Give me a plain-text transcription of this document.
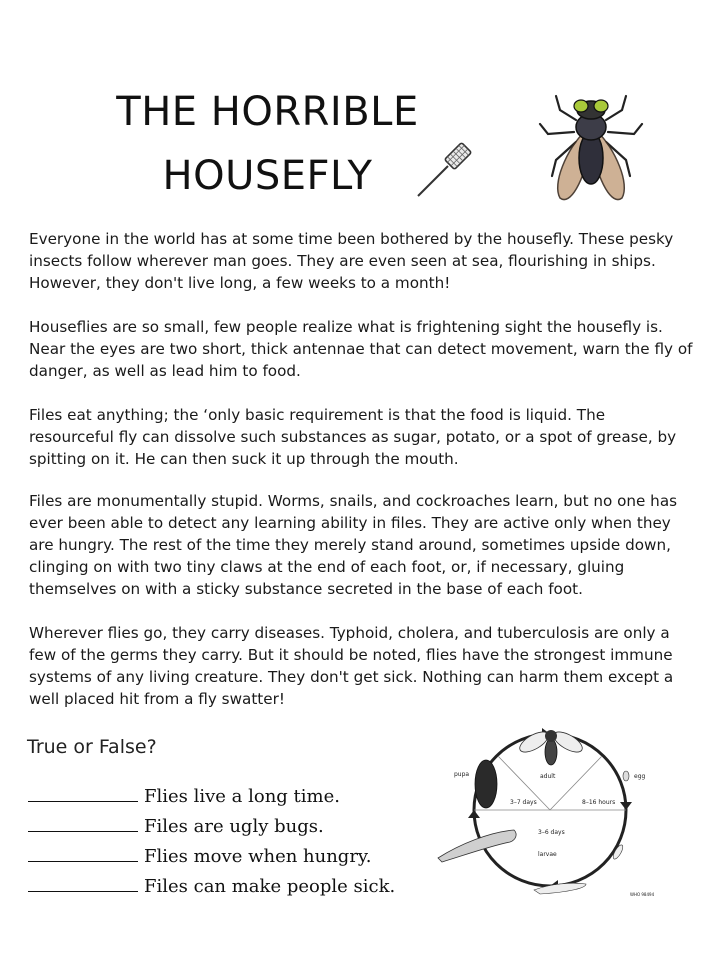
THE HORRIBLE
HOUSEFLY
Everyone in the world has at some time been bothered by the housefly. These pesky insects follow wherever man goes. They are even seen at sea, flourishing in ships. However, they don't live long, a few weeks to a month!
Houseflies are so small, few people realize what is frightening sight the housefly is. Near the eyes are two short, thick antennae that can detect movement, warn the fly of danger, as well as lead him to food.
Files eat anything; the ‘only basic requirement is that the food is liquid. The resourceful fly can dissolve such substances as sugar, potato, or a spot of grease, by spitting on it. He can then suck it up through the mouth.
Files are monumentally stupid. Worms, snails, and cockroaches learn, but no one has ever been able to detect any learning ability in files. They are active only when they are hungry. The rest of the time they merely stand around, sometimes upside down, clinging on with two tiny claws at the end of each foot, or, if necessary, gluing themselves on with a sticky substance secreted in the base of each foot.
Wherever flies go, they carry diseases. Typhoid, cholera, and tuberculosis are only a few of the germs they carry. But it should be noted, flies have the strongest immune systems of any living creature. They don't get sick. Nothing can harm them except a well placed hit from a fly swatter!
True or False?
Flies live a long time.
Files are ugly bugs.
Flies move when hungry.
Files can make people sick.
adult	egg
pupa
larvae
8–16 hours
3–7 days
3–6 days
WHO 98494
